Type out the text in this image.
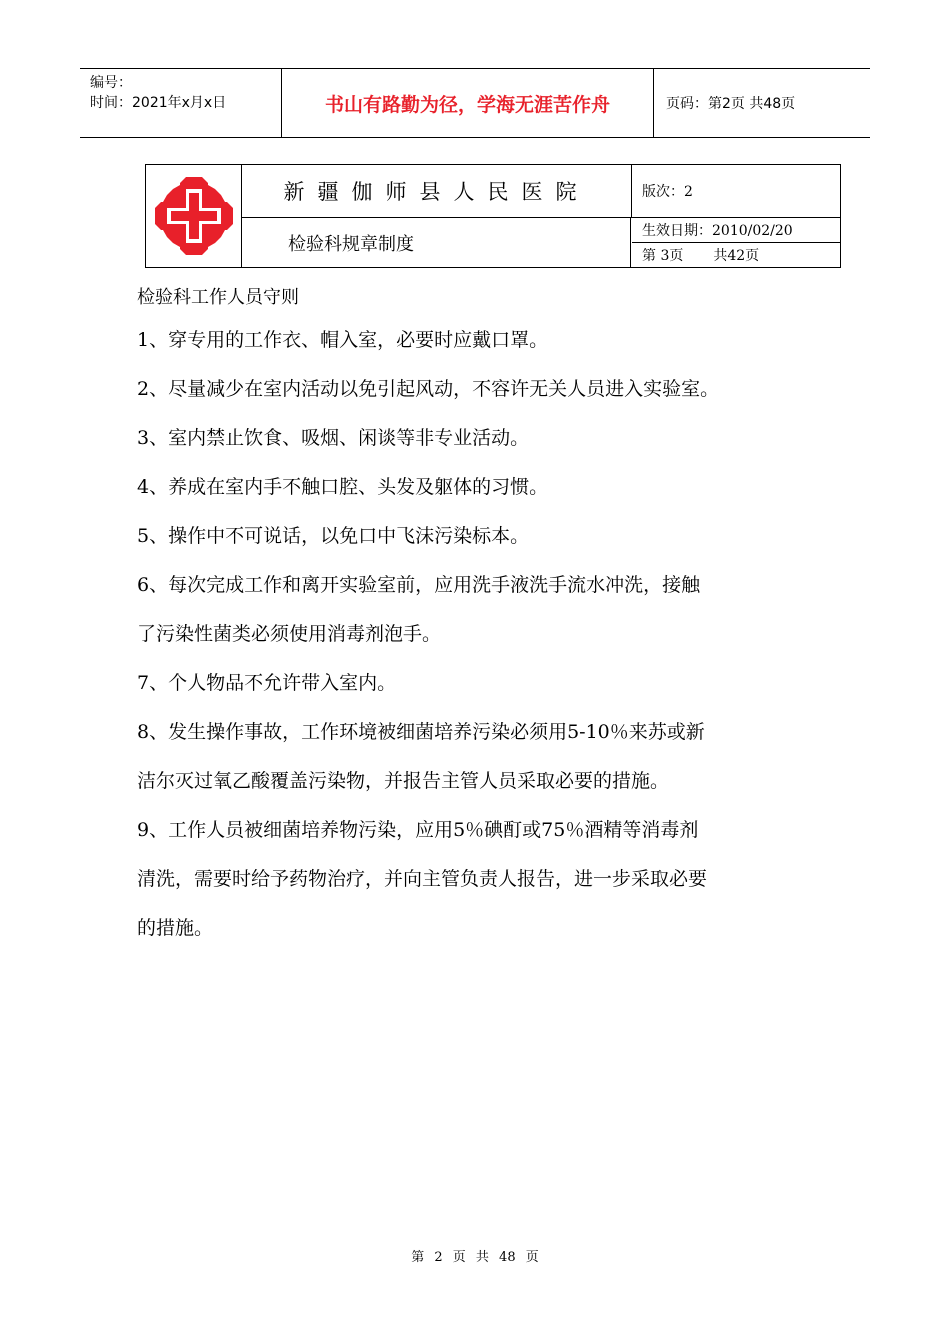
编号：
时间：2021年x月x日	书山有路勤为径，学海无涯苦作舟	页码：第2页 共48页
新疆伽师县人民医院
检验科规章制度
版次：2
生效日期：2010/02/20
第 3页 共42页

检验科工作人员守则

1、穿专用的工作衣、帽入室，必要时应戴口罩。

2、尽量减少在室内活动以免引起风动，不容许无关人员进入实验室。

3、室内禁止饮食、吸烟、闲谈等非专业活动。

4、养成在室内手不触口腔、头发及躯体的习惯。

5、操作中不可说话，以免口中飞沫污染标本。

6、每次完成工作和离开实验室前，应用洗手液洗手流水冲洗，接触

了污染性菌类必须使用消毒剂泡手。

7、个人物品不允许带入室内。

8、发生操作事故，工作环境被细菌培养污染必须用5-10％来苏或新

洁尔灭过氧乙酸覆盖污染物，并报告主管人员采取必要的措施。

9、工作人员被细菌培养物污染，应用5％碘酊或75％酒精等消毒剂

清洗，需要时给予药物治疗，并向主管负责人报告，进一步采取必要

的措施。

第 2 页 共 48 页
